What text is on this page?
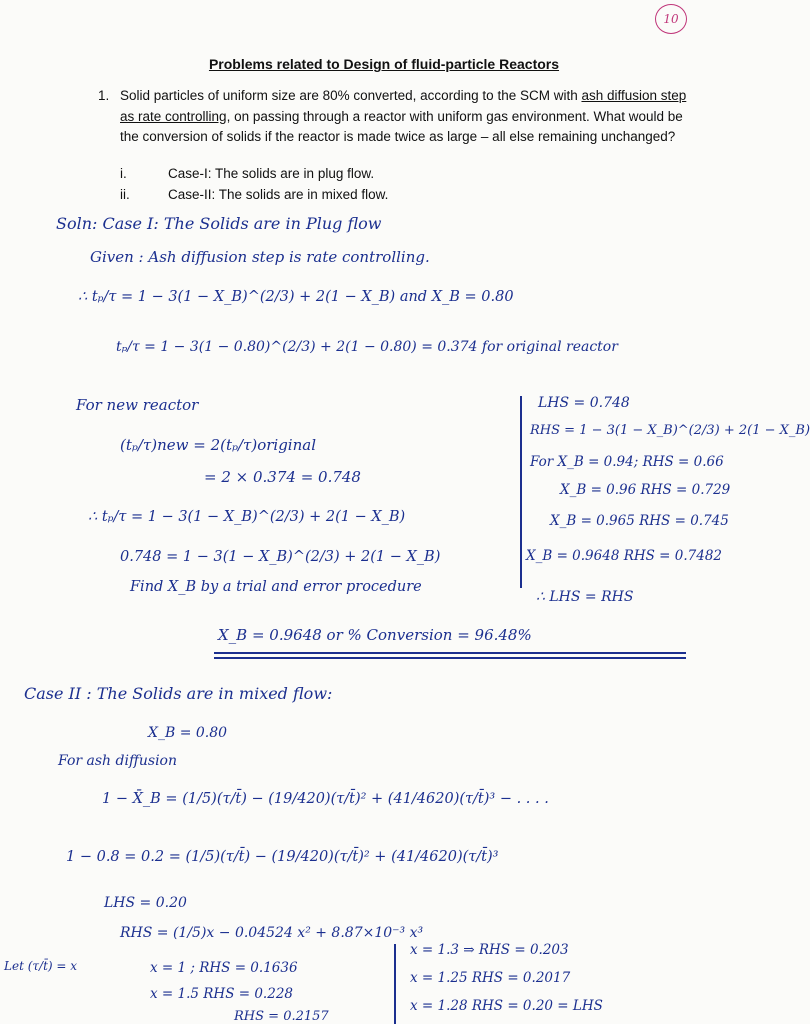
10
Problems related to Design of fluid-particle Reactors
1. Solid particles of uniform size are 80% converted, according to the SCM with ash diffusion step as rate controlling, on passing through a reactor with uniform gas environment. What would be the conversion of solids if the reactor is made twice as large – all else remaining unchanged?
i.	Case-I: The solids are in plug flow.
ii.	Case-II: The solids are in mixed flow.
Soln: Case I: The Solids are in Plug flow
Given : Ash diffusion step is rate controlling.
∴ tₚ/τ = 1 − 3(1 − X_B)^(2/3) + 2(1 − X_B) and X_B = 0.80
tₚ/τ = 1 − 3(1 − 0.80)^(2/3) + 2(1 − 0.80) = 0.374 for original reactor
For new reactor
(tₚ/τ)new = 2(tₚ/τ)original
= 2 × 0.374 = 0.748
∴ tₚ/τ = 1 − 3(1 − X_B)^(2/3) + 2(1 − X_B)
0.748 = 1 − 3(1 − X_B)^(2/3) + 2(1 − X_B)
Find X_B by a trial and error procedure
LHS = 0.748
RHS = 1 − 3(1 − X_B)^(2/3) + 2(1 − X_B)
For X_B = 0.94; RHS = 0.66
X_B = 0.96 RHS = 0.729
X_B = 0.965 RHS = 0.745
X_B = 0.9648 RHS = 0.7482
∴ LHS = RHS
X_B = 0.9648 or % Conversion = 96.48%
Case II : The Solids are in mixed flow:
X_B = 0.80
For ash diffusion
1 − X̄_B = (1/5)(τ/t̄) − (19/420)(τ/t̄)² + (41/4620)(τ/t̄)³ − . . . .
1 − 0.8 = 0.2 = (1/5)(τ/t̄) − (19/420)(τ/t̄)² + (41/4620)(τ/t̄)³
LHS = 0.20
RHS = (1/5)x − 0.04524 x² + 8.87×10⁻³ x³
Let (τ/t̄) = x	x = 1 ; RHS = 0.1636
x = 1.5 RHS = 0.228
RHS = 0.2157
x = 1.3 ⇒ RHS = 0.203
x = 1.25 RHS = 0.2017
x = 1.28 RHS = 0.20 = LHS
